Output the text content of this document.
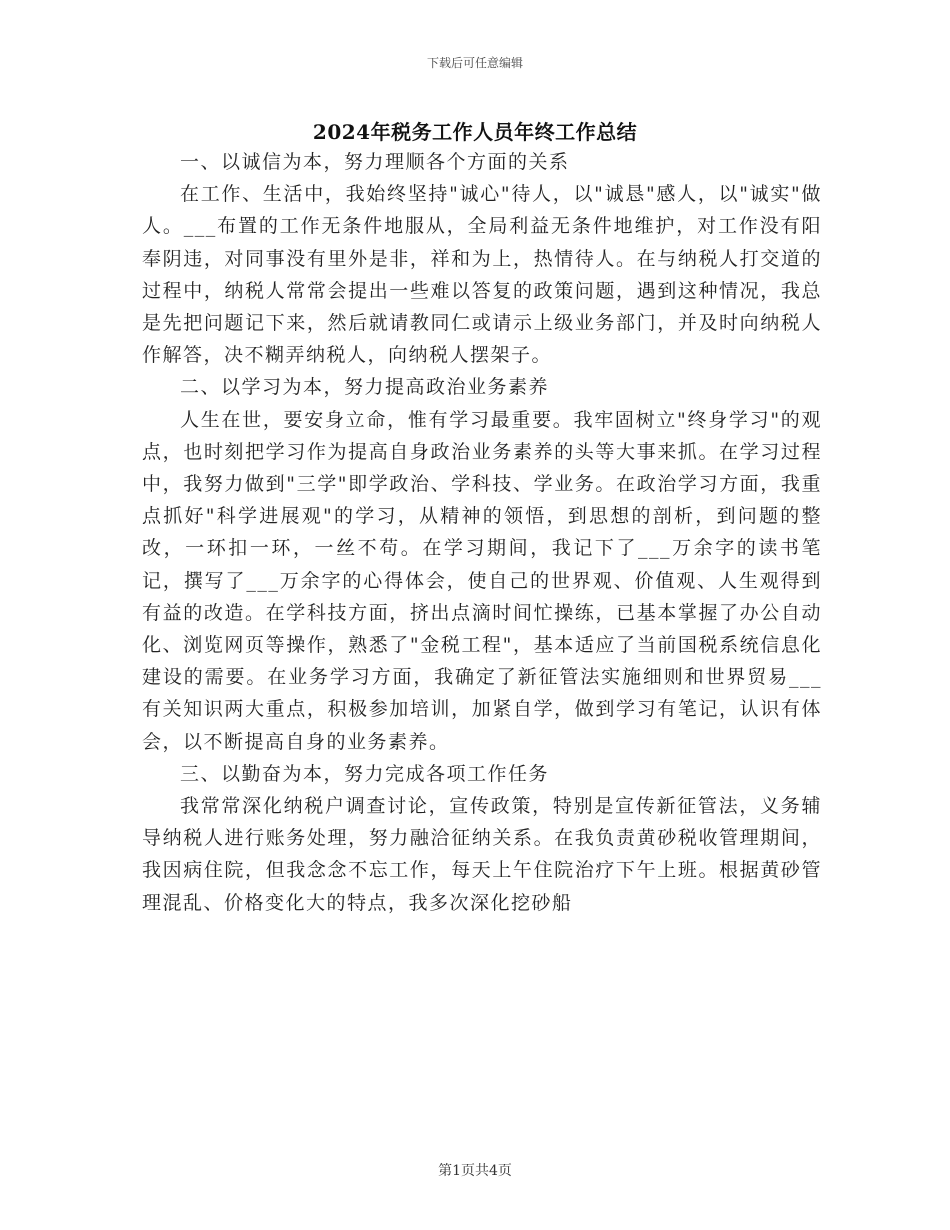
下载后可任意编辑
2024年税务工作人员年终工作总结

一、以诚信为本，努力理顺各个方面的关系

在工作、生活中，我始终坚持"诚心"待人，以"诚恳"感人，以"诚实"做人。___布置的工作无条件地服从，全局利益无条件地维护，对工作没有阳奉阴违，对同事没有里外是非，祥和为上，热情待人。在与纳税人打交道的过程中，纳税人常常会提出一些难以答复的政策问题，遇到这种情况，我总是先把问题记下来，然后就请教同仁或请示上级业务部门，并及时向纳税人作解答，决不糊弄纳税人，向纳税人摆架子。

二、以学习为本，努力提高政治业务素养

人生在世，要安身立命，惟有学习最重要。我牢固树立"终身学习"的观点，也时刻把学习作为提高自身政治业务素养的头等大事来抓。在学习过程中，我努力做到"三学"即学政治、学科技、学业务。在政治学习方面，我重点抓好"科学进展观"的学习，从精神的领悟，到思想的剖析，到问题的整改，一环扣一环，一丝不苟。在学习期间，我记下了___万余字的读书笔记，撰写了___万余字的心得体会，使自己的世界观、价值观、人生观得到有益的改造。在学科技方面，挤出点滴时间忙操练，已基本掌握了办公自动化、浏览网页等操作，熟悉了"金税工程"，基本适应了当前国税系统信息化建设的需要。在业务学习方面，我确定了新征管法实施细则和世界贸易___有关知识两大重点，积极参加培训，加紧自学，做到学习有笔记，认识有体会，以不断提高自身的业务素养。

三、以勤奋为本，努力完成各项工作任务

我常常深化纳税户调查讨论，宣传政策，特别是宣传新征管法，义务辅导纳税人进行账务处理，努力融洽征纳关系。在我负责黄砂税收管理期间，我因病住院，但我念念不忘工作，每天上午住院治疗下午上班。根据黄砂管理混乱、价格变化大的特点，我多次深化挖砂船

第1页共4页
